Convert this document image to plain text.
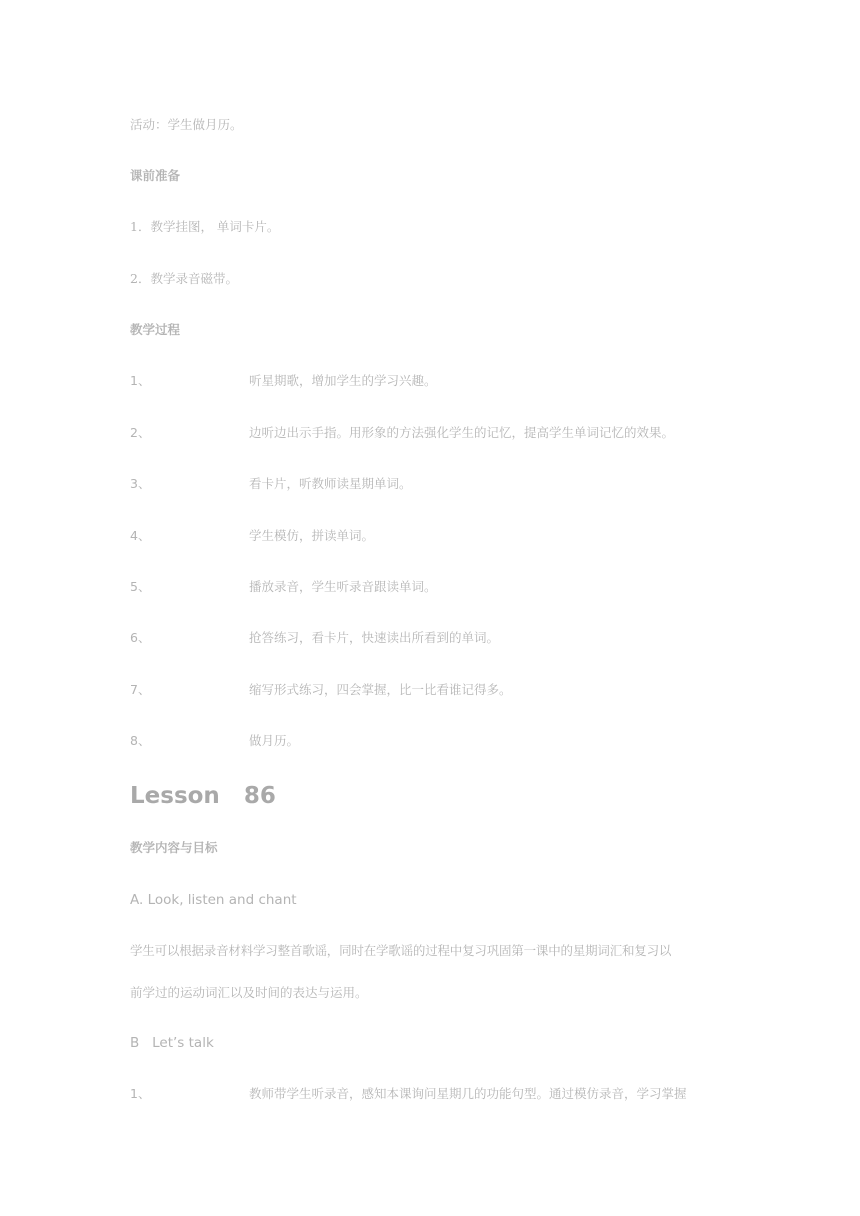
活动：学生做月历。
课前准备
1．教学挂图， 单词卡片。
2．教学录音磁带。
教学过程
1、	听星期歌，增加学生的学习兴趣。
2、	边听边出示手指。用形象的方法强化学生的记忆，提高学生单词记忆的效果。
3、	看卡片，听教师读星期单词。
4、	学生模仿，拼读单词。
5、	播放录音，学生听录音跟读单词。
6、	抢答练习，看卡片，快速读出所看到的单词。
7、	缩写形式练习，四会掌握，比一比看谁记得多。
8、	做月历。
Lesson   86
教学内容与目标
A. Look, listen and chant
学生可以根据录音材料学习整首歌谣，同时在学歌谣的过程中复习巩固第一课中的星期词汇和复习以
前学过的运动词汇以及时间的表达与运用。
B   Let’s talk
1、	教师带学生听录音，感知本课询问星期几的功能句型。通过模仿录音，学习掌握
